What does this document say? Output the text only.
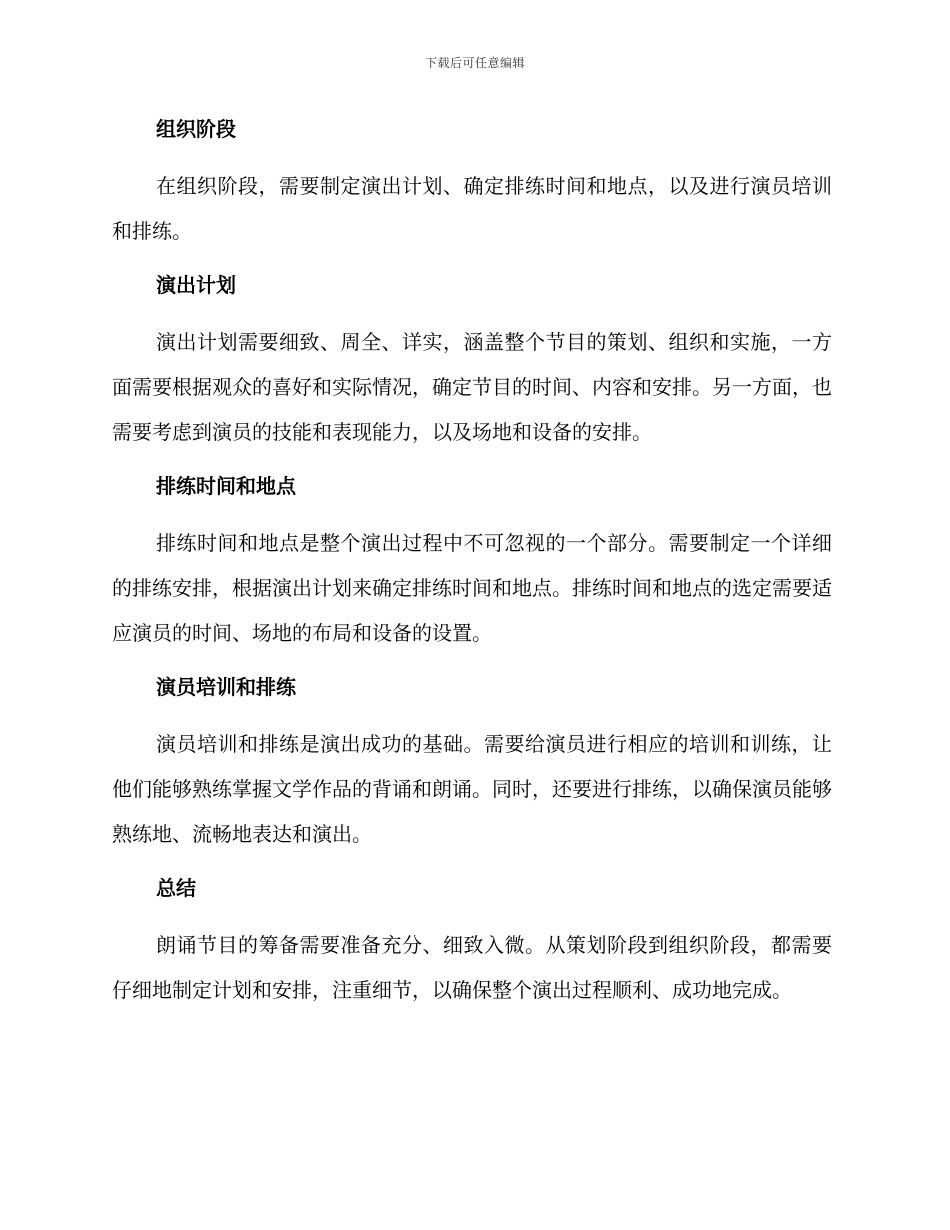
下载后可任意编辑
组织阶段

在组织阶段，需要制定演出计划、确定排练时间和地点，以及进行演员培训和排练。

演出计划

演出计划需要细致、周全、详实，涵盖整个节目的策划、组织和实施，一方面需要根据观众的喜好和实际情况，确定节目的时间、内容和安排。另一方面，也需要考虑到演员的技能和表现能力，以及场地和设备的安排。

排练时间和地点

排练时间和地点是整个演出过程中不可忽视的一个部分。需要制定一个详细的排练安排，根据演出计划来确定排练时间和地点。排练时间和地点的选定需要适应演员的时间、场地的布局和设备的设置。

演员培训和排练

演员培训和排练是演出成功的基础。需要给演员进行相应的培训和训练，让他们能够熟练掌握文学作品的背诵和朗诵。同时，还要进行排练，以确保演员能够熟练地、流畅地表达和演出。

总结

朗诵节目的筹备需要准备充分、细致入微。从策划阶段到组织阶段，都需要仔细地制定计划和安排，注重细节，以确保整个演出过程顺利、成功地完成。
